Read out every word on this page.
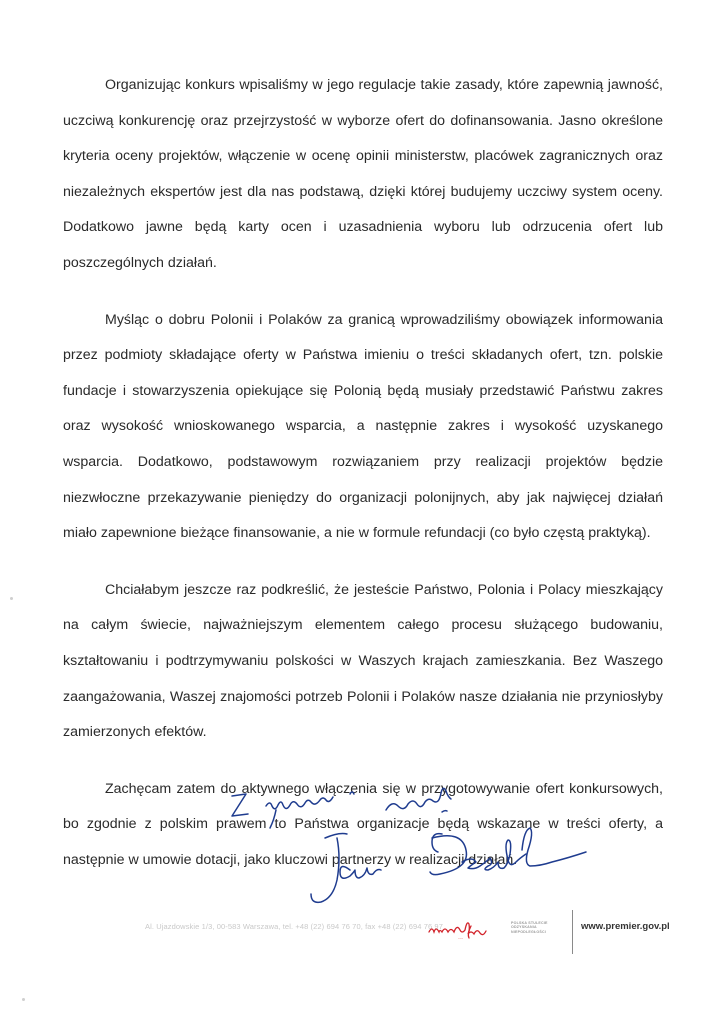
Organizując konkurs wpisaliśmy w jego regulacje takie zasady, które zapewnią jawność, uczciwą konkurencję oraz przejrzystość w wyborze ofert do dofinansowania. Jasno określone kryteria oceny projektów, włączenie w ocenę opinii ministerstw, placówek zagranicznych oraz niezależnych ekspertów jest dla nas podstawą, dzięki której budujemy uczciwy system oceny. Dodatkowo jawne będą karty ocen i uzasadnienia wyboru lub odrzucenia ofert lub poszczególnych działań.

Myśląc o dobru Polonii i Polaków za granicą wprowadziliśmy obowiązek informowania przez podmioty składające oferty w Państwa imieniu o treści składanych ofert, tzn. polskie fundacje i stowarzyszenia opiekujące się Polonią będą musiały przedstawić Państwu zakres oraz wysokość wnioskowanego wsparcia, a następnie zakres i wysokość uzyskanego wsparcia. Dodatkowo, podstawowym rozwiązaniem przy realizacji projektów będzie niezwłoczne przekazywanie pieniędzy do organizacji polonijnych, aby jak najwięcej działań miało zapewnione bieżące finansowanie, a nie w formule refundacji (co było częstą praktyką).

Chciałabym jeszcze raz podkreślić, że jesteście Państwo, Polonia i Polacy mieszkający na całym świecie, najważniejszym elementem całego procesu służącego budowaniu, kształtowaniu i podtrzymywaniu polskości w Waszych krajach zamieszkania. Bez Waszego zaangażowania, Waszej znajomości potrzeb Polonii i Polaków nasze działania nie przyniosłyby zamierzonych efektów.

Zachęcam zatem do aktywnego włączenia się w przygotowywanie ofert konkursowych, bo zgodnie z polskim prawem to Państwa organizacje będą wskazane w treści oferty, a następnie w umowie dotacji, jako kluczowi partnerzy w realizacji działań.

Al. Ujazdowskie 1/3, 00-583 Warszawa, tel. +48 (22) 694 76 70, fax +48 (22) 694 76 97
niepodległa
POLSKA STULECIE ODZYSKANIA NIEPODLEGŁOŚCI	www.premier.gov.pl
